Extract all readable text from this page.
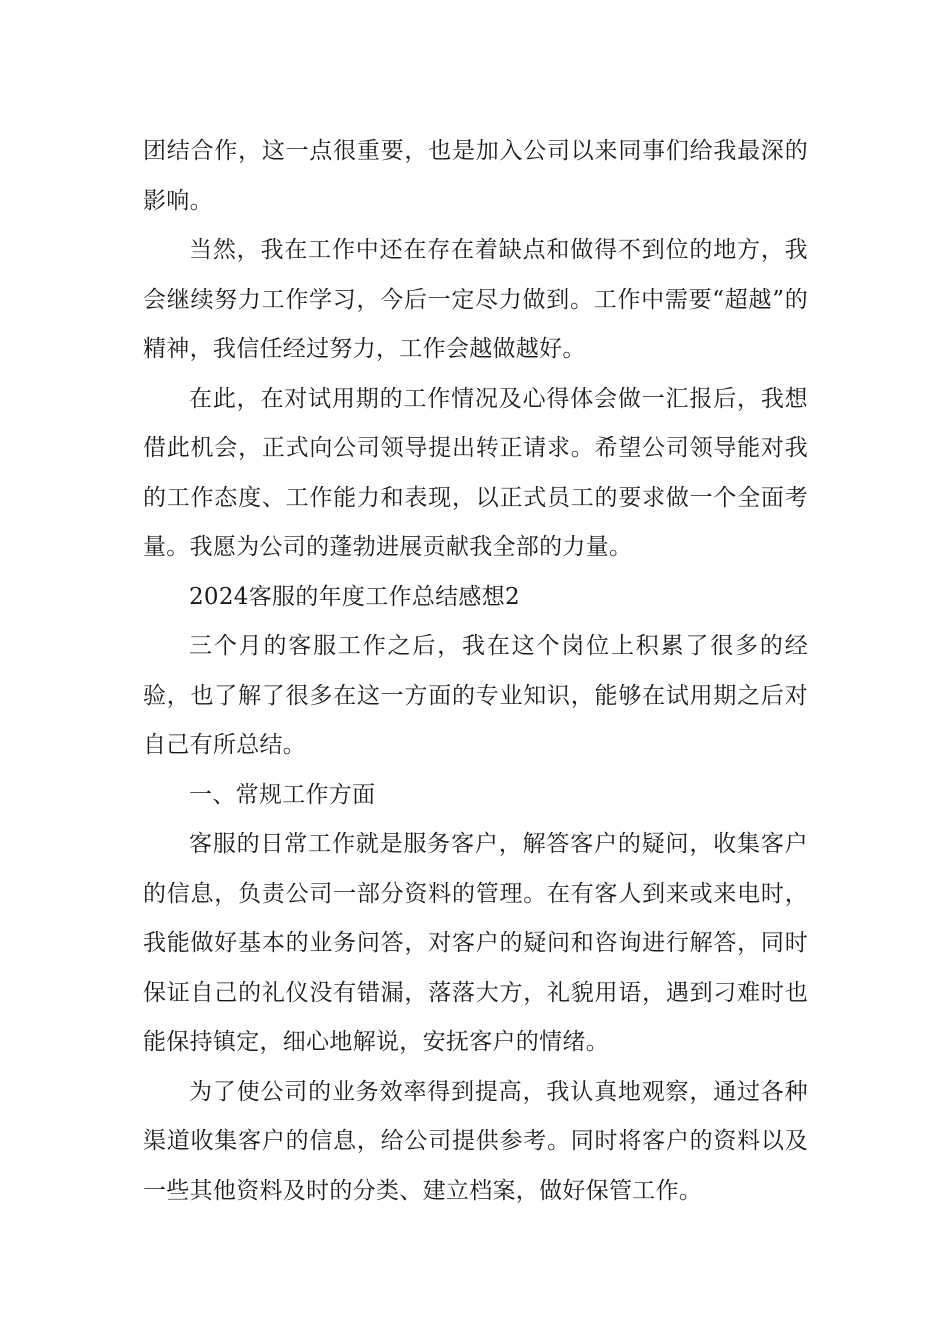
团结合作，这一点很重要，也是加入公司以来同事们给我最深的影响。

当然，我在工作中还在存在着缺点和做得不到位的地方，我会继续努力工作学习，今后一定尽力做到。工作中需要“超越”的精神，我信任经过努力，工作会越做越好。

在此，在对试用期的工作情况及心得体会做一汇报后，我想借此机会，正式向公司领导提出转正请求。希望公司领导能对我的工作态度、工作能力和表现，以正式员工的要求做一个全面考量。我愿为公司的蓬勃进展贡献我全部的力量。

2024客服的年度工作总结感想2

三个月的客服工作之后，我在这个岗位上积累了很多的经验，也了解了很多在这一方面的专业知识，能够在试用期之后对自己有所总结。

一、常规工作方面

客服的日常工作就是服务客户，解答客户的疑问，收集客户的信息，负责公司一部分资料的管理。在有客人到来或来电时，我能做好基本的业务问答，对客户的疑问和咨询进行解答，同时保证自己的礼仪没有错漏，落落大方，礼貌用语，遇到刁难时也能保持镇定，细心地解说，安抚客户的情绪。

为了使公司的业务效率得到提高，我认真地观察，通过各种渠道收集客户的信息，给公司提供参考。同时将客户的资料以及一些其他资料及时的分类、建立档案，做好保管工作。
